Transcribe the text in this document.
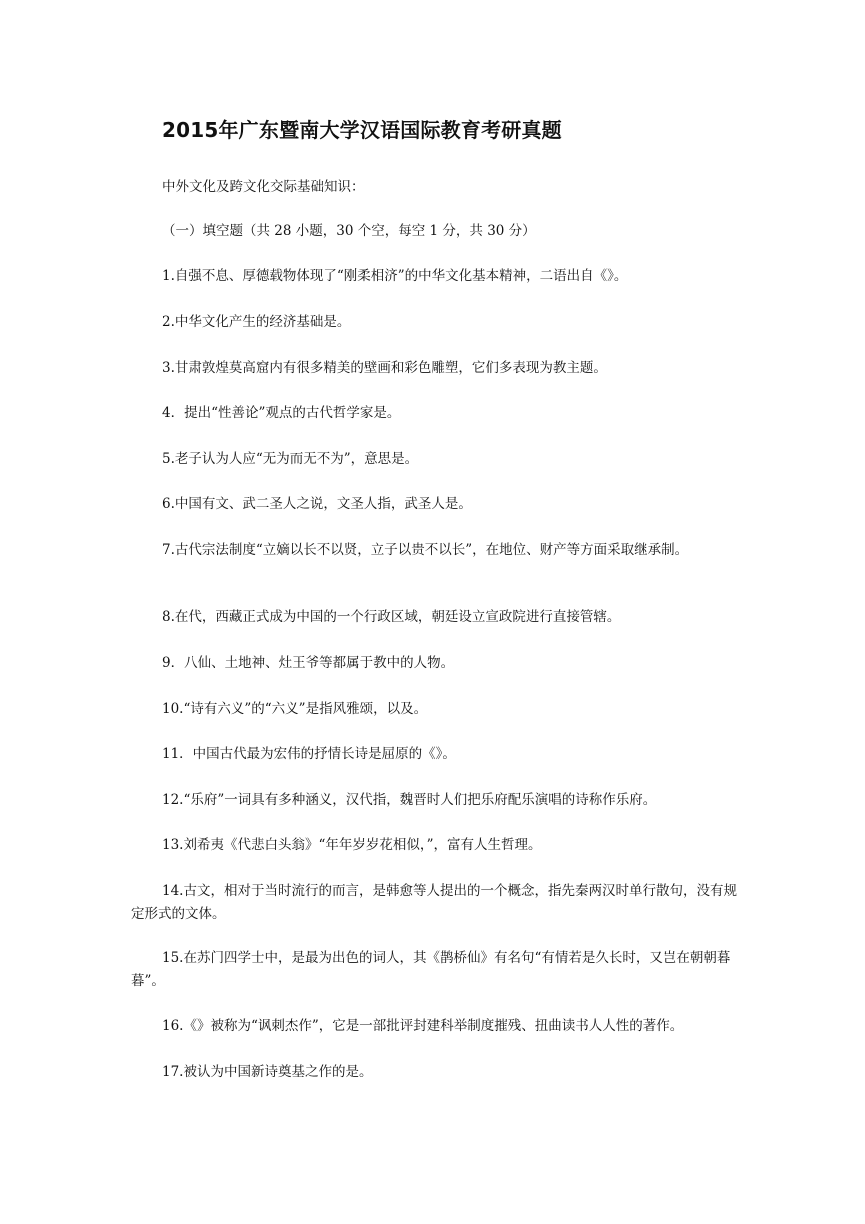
2015年广东暨南大学汉语国际教育考研真题
中外文化及跨文化交际基础知识：
（一）填空题（共 28 小题，30 个空，每空 1 分，共 30 分）
1.自强不息、厚德载物体现了“刚柔相济”的中华文化基本精神，二语出自《》。
2.中华文化产生的经济基础是。
3.甘肃敦煌莫高窟内有很多精美的壁画和彩色雕塑，它们多表现为教主题。
4．提出“性善论”观点的古代哲学家是。
5.老子认为人应“无为而无不为”，意思是。
6.中国有文、武二圣人之说，文圣人指，武圣人是。
7.古代宗法制度“立嫡以长不以贤，立子以贵不以长”，在地位、财产等方面采取继承制。
8.在代，西藏正式成为中国的一个行政区域，朝廷设立宣政院进行直接管辖。
9．八仙、土地神、灶王爷等都属于教中的人物。
10.“诗有六义”的“六义”是指风雅颂，以及。
11．中国古代最为宏伟的抒情长诗是屈原的《》。
12.“乐府”一词具有多种涵义，汉代指，魏晋时人们把乐府配乐演唱的诗称作乐府。
13.刘希夷《代悲白头翁》“年年岁岁花相似，”，富有人生哲理。
14.古文，相对于当时流行的而言，是韩愈等人提出的一个概念，指先秦两汉时单行散句，没有规定形式的文体。
15.在苏门四学士中，是最为出色的词人，其《鹊桥仙》有名句“有情若是久长时，又岂在朝朝暮暮”。
16.《》被称为“讽刺杰作”，它是一部批评封建科举制度摧残、扭曲读书人人性的著作。
17.被认为中国新诗奠基之作的是。
